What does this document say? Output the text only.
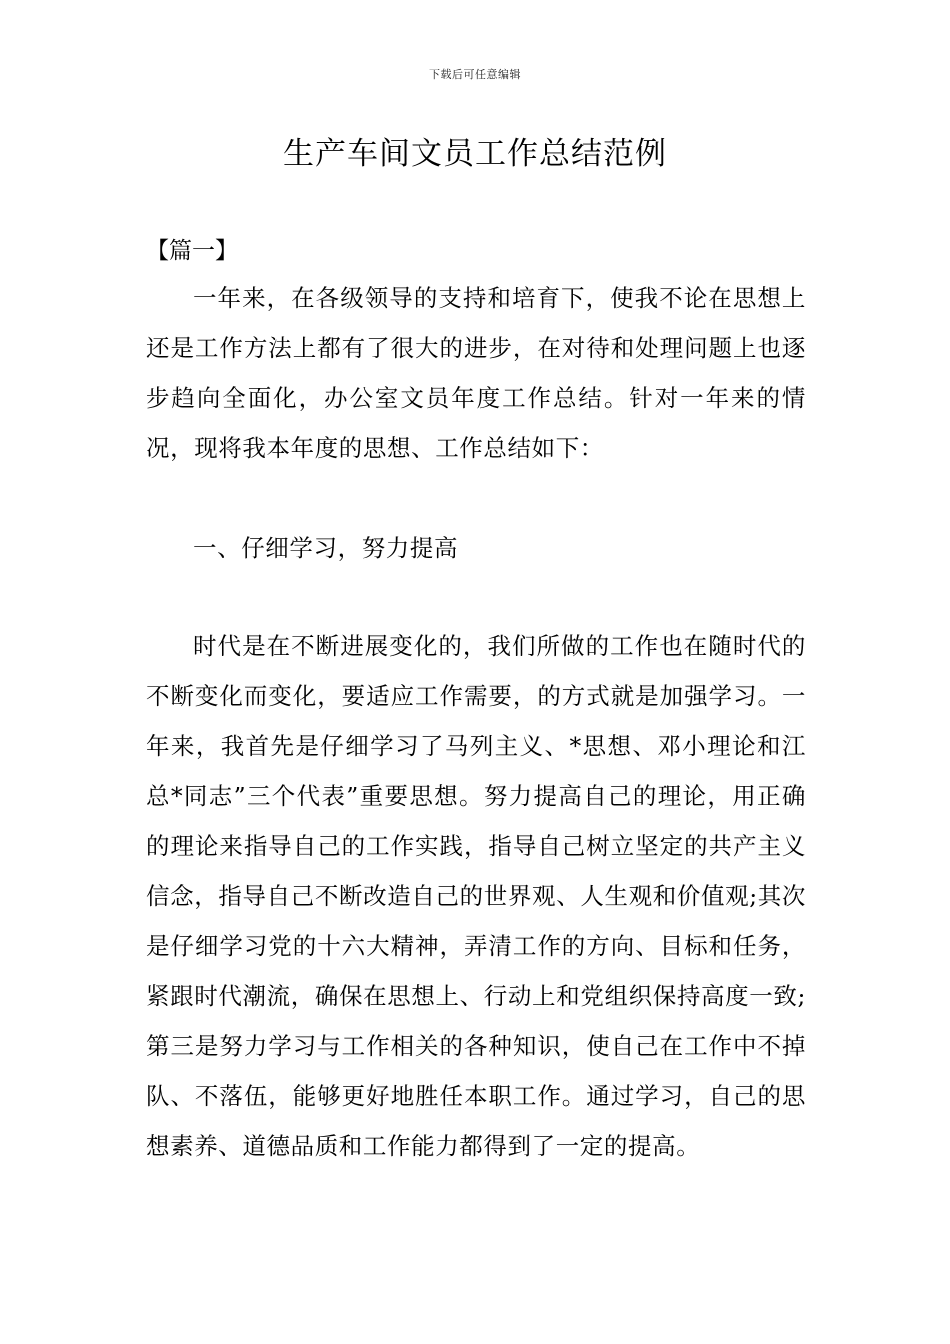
下载后可任意编辑
生产车间文员工作总结范例

【篇一】

一年来，在各级领导的支持和培育下，使我不论在思想上还是工作方法上都有了很大的进步，在对待和处理问题上也逐步趋向全面化，办公室文员年度工作总结。针对一年来的情况，现将我本年度的思想、工作总结如下：

一、仔细学习，努力提高

时代是在不断进展变化的，我们所做的工作也在随时代的不断变化而变化，要适应工作需要，的方式就是加强学习。一年来，我首先是仔细学习了马列主义、*思想、邓小理论和江总*同志”三个代表”重要思想。努力提高自己的理论，用正确的理论来指导自己的工作实践，指导自己树立坚定的共产主义信念，指导自己不断改造自己的世界观、人生观和价值观;其次是仔细学习党的十六大精神，弄清工作的方向、目标和任务，紧跟时代潮流，确保在思想上、行动上和党组织保持高度一致;第三是努力学习与工作相关的各种知识，使自己在工作中不掉队、不落伍，能够更好地胜任本职工作。通过学习，自己的思想素养、道德品质和工作能力都得到了一定的提高。
